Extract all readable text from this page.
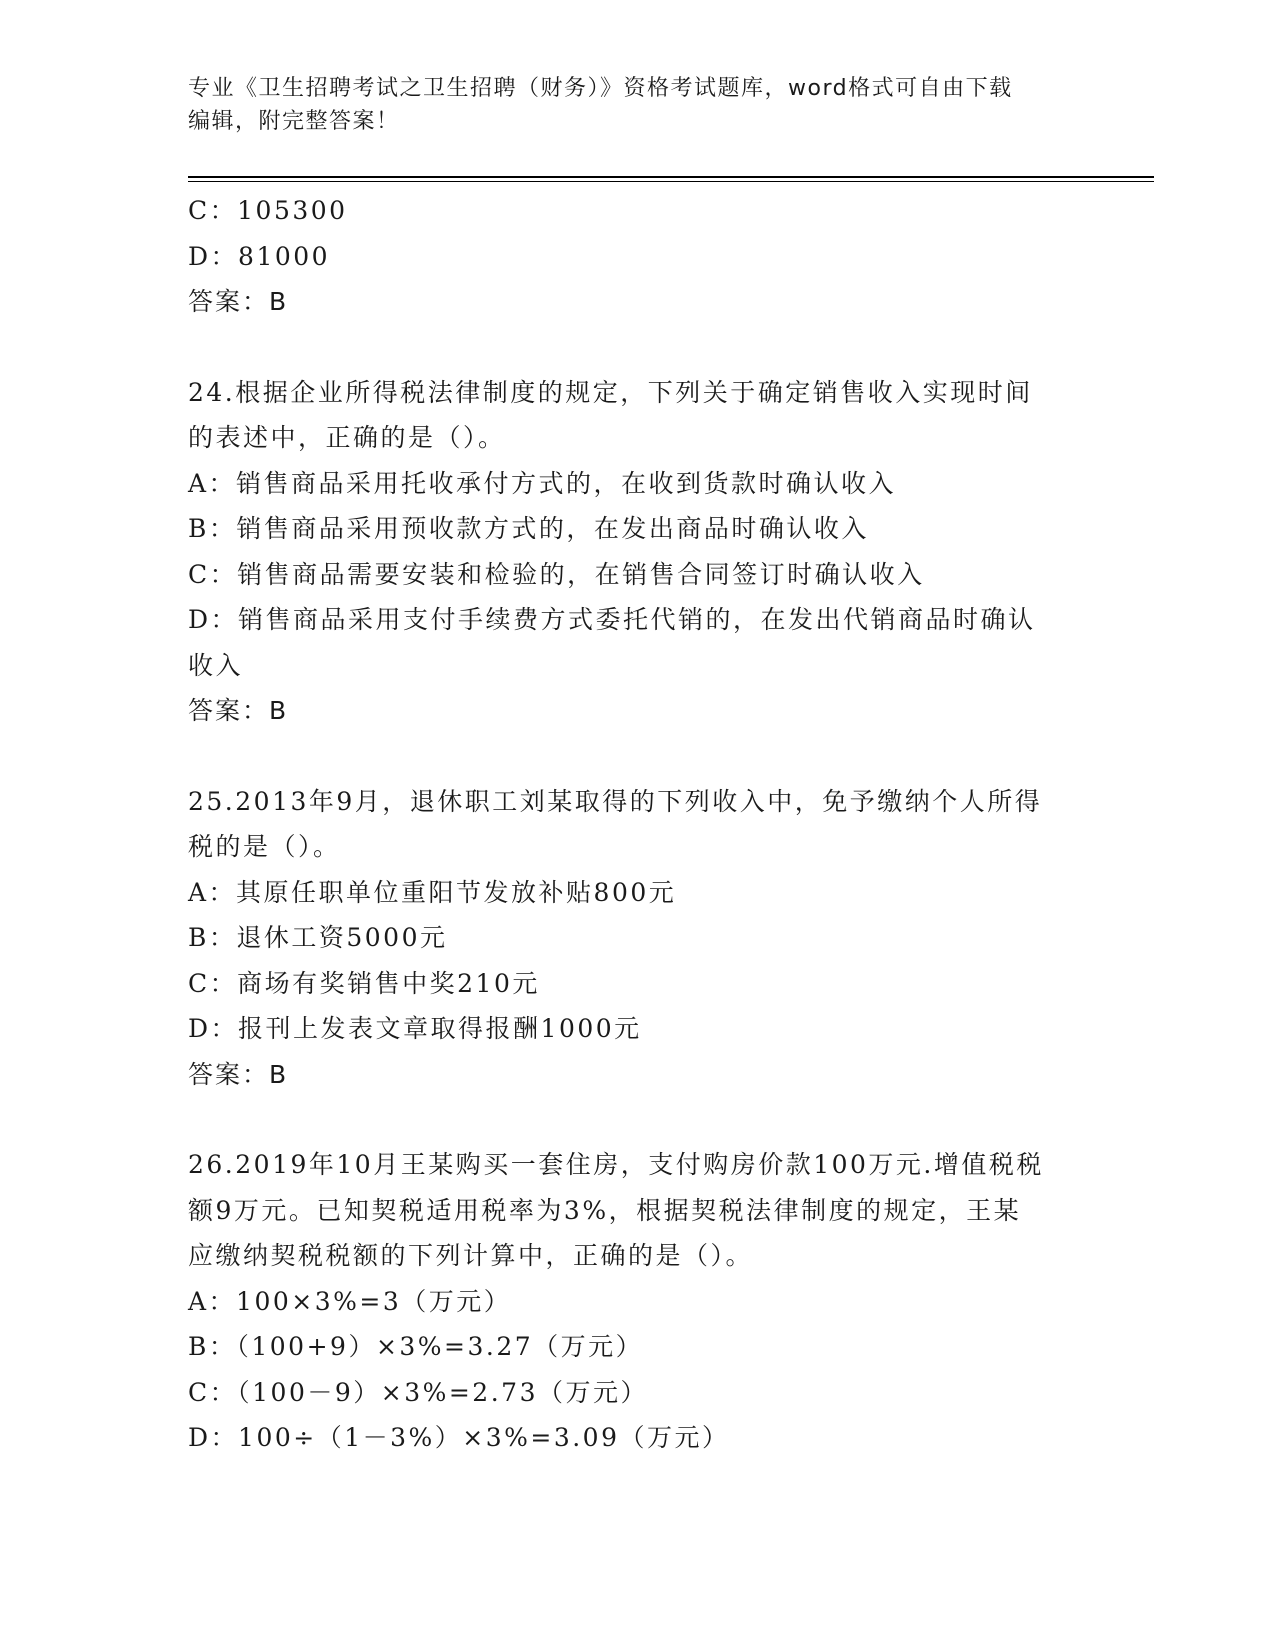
专业《卫生招聘考试之卫生招聘（财务）》资格考试题库，word格式可自由下载
编辑，附完整答案！
C：105300
D：81000
答案：B
24.根据企业所得税法律制度的规定，下列关于确定销售收入实现时间
的表述中，正确的是（）。
A：销售商品采用托收承付方式的，在收到货款时确认收入
B：销售商品采用预收款方式的，在发出商品时确认收入
C：销售商品需要安装和检验的，在销售合同签订时确认收入
D：销售商品采用支付手续费方式委托代销的，在发出代销商品时确认
收入
答案：B
25.2013年9月，退休职工刘某取得的下列收入中，免予缴纳个人所得
税的是（）。
A：其原任职单位重阳节发放补贴800元
B：退休工资5000元
C：商场有奖销售中奖210元
D：报刊上发表文章取得报酬1000元
答案：B
26.2019年10月王某购买一套住房，支付购房价款100万元.增值税税
额9万元。已知契税适用税率为3%，根据契税法律制度的规定，王某
应缴纳契税税额的下列计算中，正确的是（）。
A：100×3%=3（万元）
B：（100+9）×3%=3.27（万元）
C：（100－9）×3%=2.73（万元）
D：100÷（1－3%）×3%=3.09（万元）
